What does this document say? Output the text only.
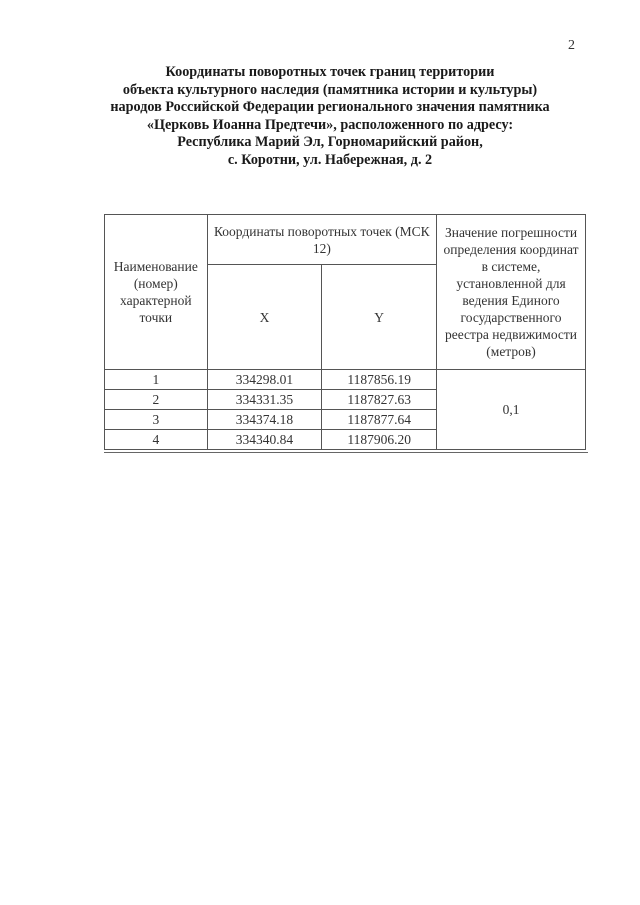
2
Координаты поворотных точек границ территории
объекта культурного наследия (памятника истории и культуры)
народов Российской Федерации регионального значения памятника
«Церковь Иоанна Предтечи», расположенного по адресу:
Республика Марий Эл, Горномарийский район,
с. Коротни, ул. Набережная, д. 2
Наименование (номер) характерной точки	Координаты поворотных точек (МСК 12)		Значение погрешности определения координат в системе, установленной для ведения Единого государственного реестра недвижимости (метров)
	X	Y	
1	334298.01	1187856.19	0,1
2	334331.35	1187827.63	
3	334374.18	1187877.64	
4	334340.84	1187906.20	
